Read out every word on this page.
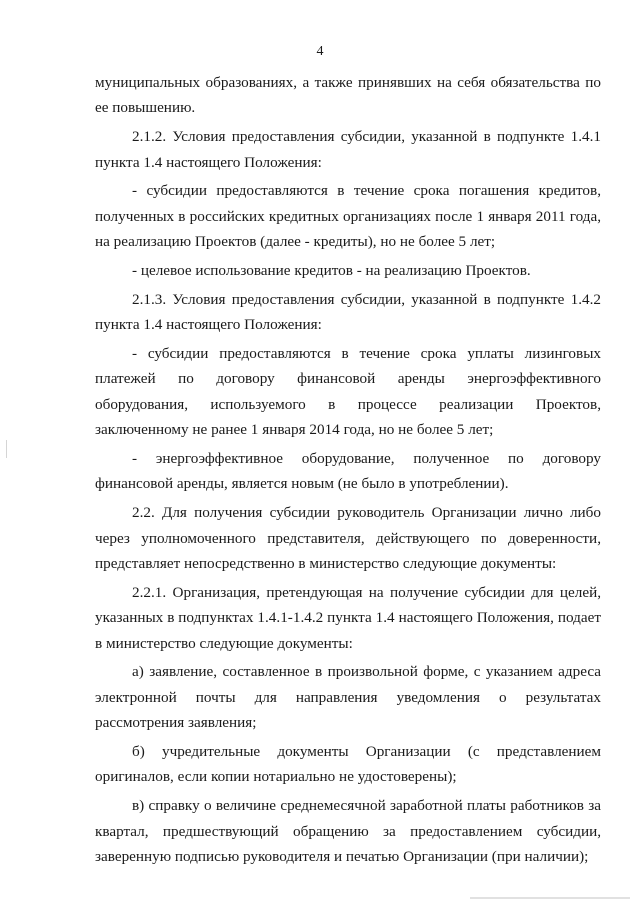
4

муниципальных образованиях, а также принявших на себя обязательства по ее повышению.

2.1.2. Условия предоставления субсидии, указанной в подпункте 1.4.1 пункта 1.4 настоящего Положения:

- субсидии предоставляются в течение срока погашения кредитов, полученных в российских кредитных организациях после 1 января 2011 года, на реализацию Проектов (далее - кредиты), но не более 5 лет;

- целевое использование кредитов - на реализацию Проектов.

2.1.3. Условия предоставления субсидии, указанной в подпункте 1.4.2 пункта 1.4 настоящего Положения:

- субсидии предоставляются в течение срока уплаты лизинговых платежей по договору финансовой аренды энергоэффективного оборудования, используемого в процессе реализации Проектов, заключенному не ранее 1 января 2014 года, но не более 5 лет;

- энергоэффективное оборудование, полученное по договору финансовой аренды, является новым (не было в употреблении).

2.2. Для получения субсидии руководитель Организации лично либо через уполномоченного представителя, действующего по доверенности, представляет непосредственно в министерство следующие документы:

2.2.1. Организация, претендующая на получение субсидии для целей, указанных в подпунктах 1.4.1-1.4.2 пункта 1.4 настоящего Положения, подает в министерство следующие документы:

а) заявление, составленное в произвольной форме, с указанием адреса электронной почты для направления уведомления о результатах рассмотрения заявления;

б) учредительные документы Организации (с представлением оригиналов, если копии нотариально не удостоверены);

в) справку о величине среднемесячной заработной платы работников за квартал, предшествующий обращению за предоставлением субсидии, заверенную подписью руководителя и печатью Организации (при наличии);
